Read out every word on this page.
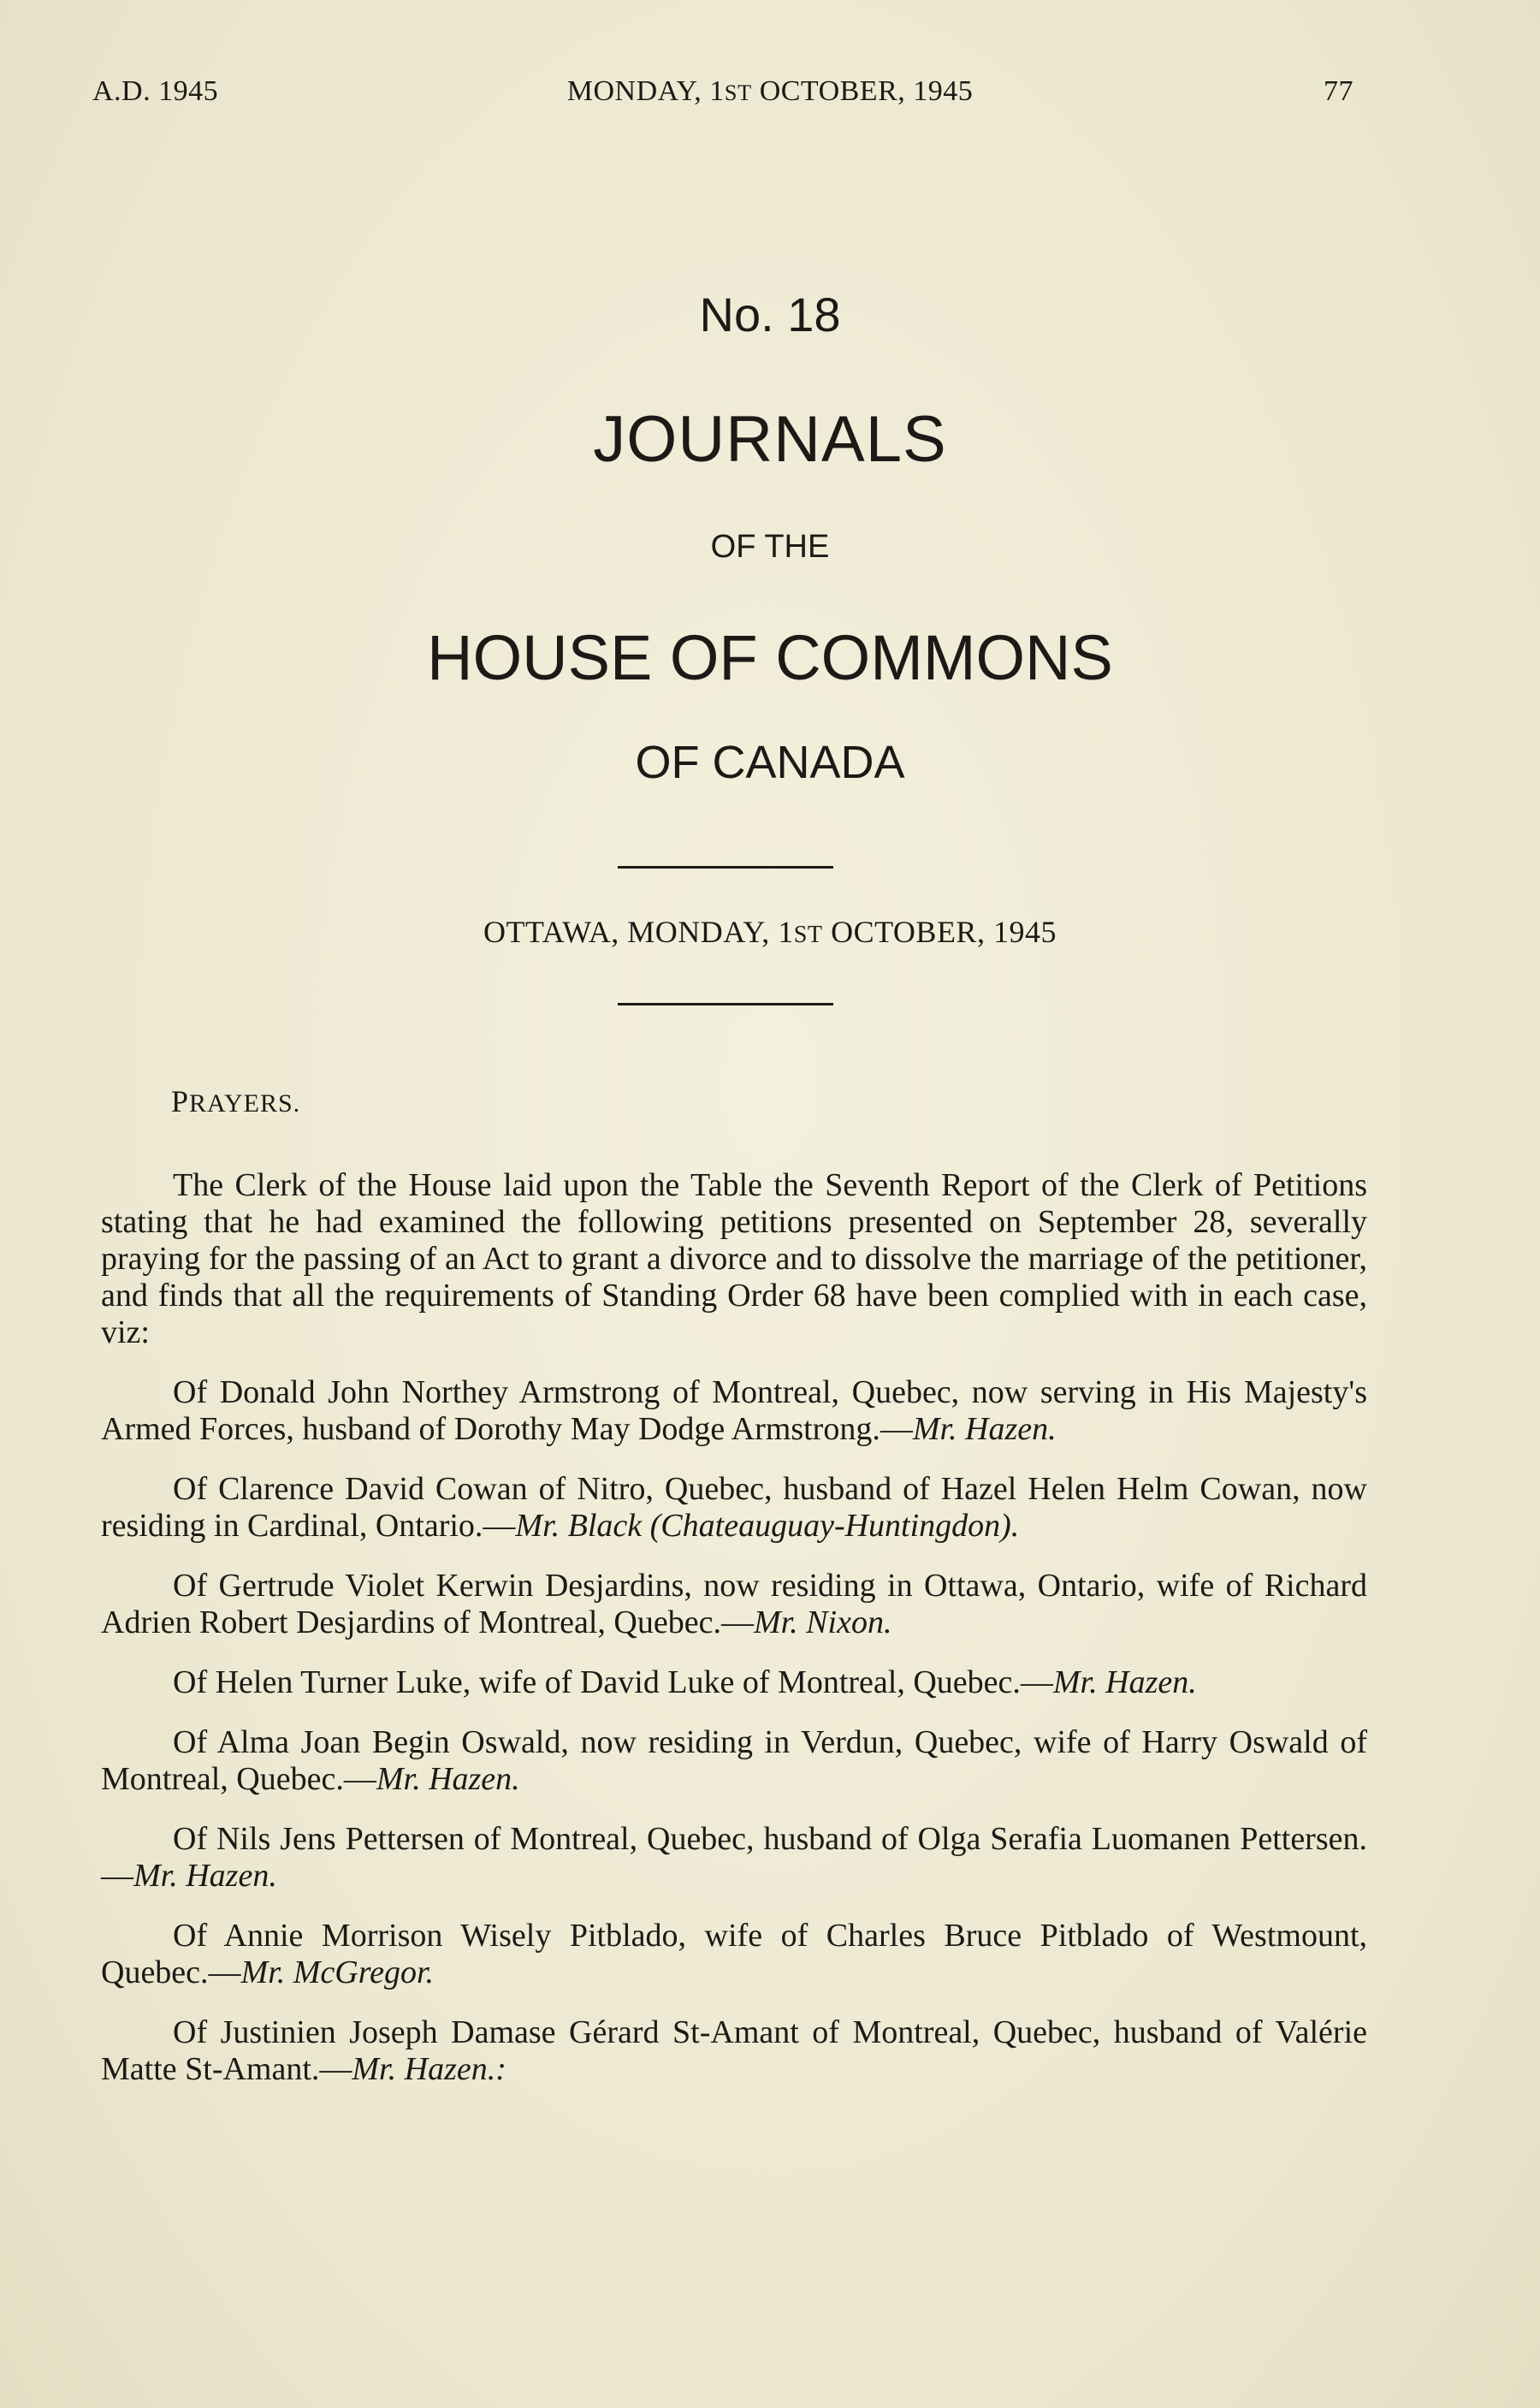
A.D. 1945	MONDAY, 1ST OCTOBER, 1945	77
No. 18
JOURNALS
OF THE
HOUSE OF COMMONS
OF CANADA
OTTAWA, MONDAY, 1ST OCTOBER, 1945
PRAYERS.

The Clerk of the House laid upon the Table the Seventh Report of the Clerk of Petitions stating that he had examined the following petitions presented on September 28, severally praying for the passing of an Act to grant a divorce and to dissolve the marriage of the petitioner, and finds that all the requirements of Standing Order 68 have been complied with in each case, viz:

Of Donald John Northey Armstrong of Montreal, Quebec, now serving in His Majesty's Armed Forces, husband of Dorothy May Dodge Armstrong.—Mr. Hazen.

Of Clarence David Cowan of Nitro, Quebec, husband of Hazel Helen Helm Cowan, now residing in Cardinal, Ontario.—Mr. Black (Chateauguay-Huntingdon).

Of Gertrude Violet Kerwin Desjardins, now residing in Ottawa, Ontario, wife of Richard Adrien Robert Desjardins of Montreal, Quebec.—Mr. Nixon.

Of Helen Turner Luke, wife of David Luke of Montreal, Quebec.—Mr. Hazen.

Of Alma Joan Begin Oswald, now residing in Verdun, Quebec, wife of Harry Oswald of Montreal, Quebec.—Mr. Hazen.

Of Nils Jens Pettersen of Montreal, Quebec, husband of Olga Serafia Luomanen Pettersen.—Mr. Hazen.

Of Annie Morrison Wisely Pitblado, wife of Charles Bruce Pitblado of Westmount, Quebec.—Mr. McGregor.

Of Justinien Joseph Damase Gérard St-Amant of Montreal, Quebec, husband of Valérie Matte St-Amant.—Mr. Hazen.:
